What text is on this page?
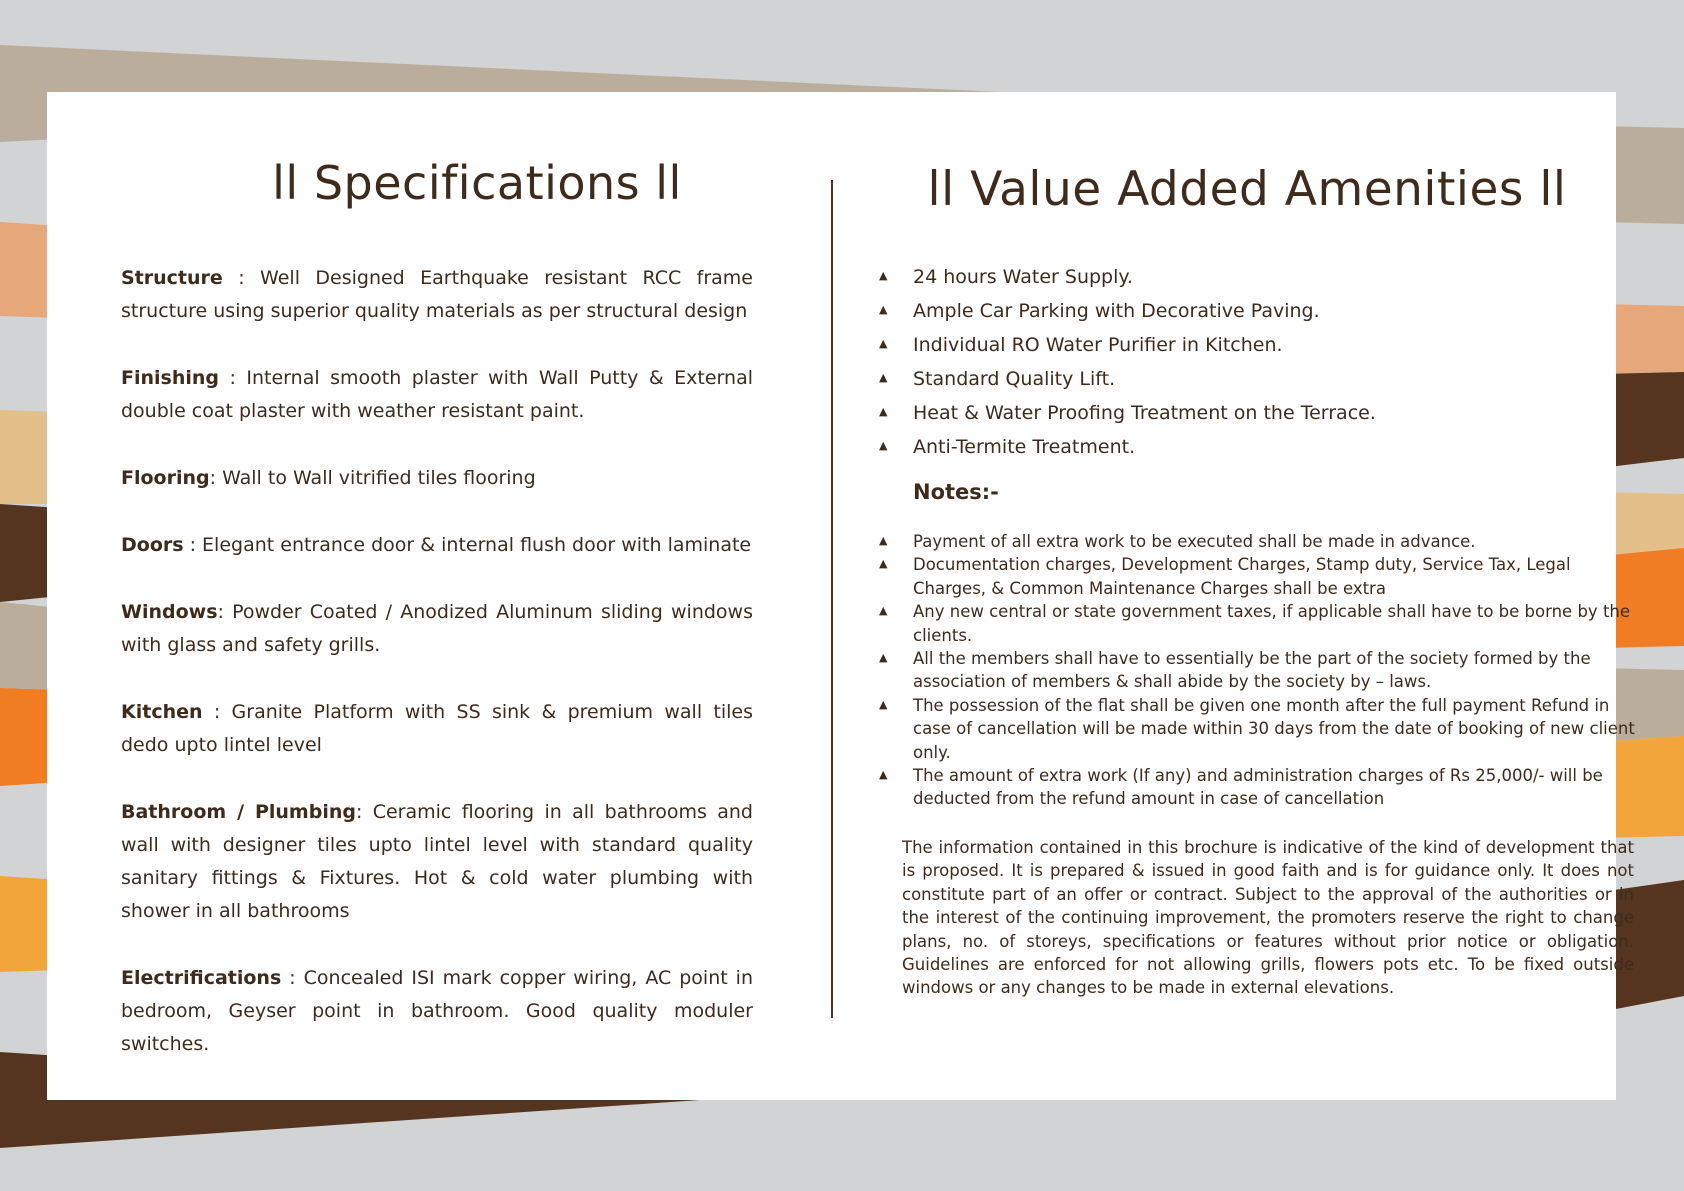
ll Specifications ll

Structure : Well Designed Earthquake resistant RCC frame structure using superior quality materials as per structural design

Finishing : Internal smooth plaster with Wall Putty & External double coat plaster with weather resistant paint.

Flooring: Wall to Wall vitrified tiles flooring

Doors : Elegant entrance door & internal flush door with laminate

Windows: Powder Coated / Anodized Aluminum sliding windows with glass and safety grills.

Kitchen : Granite Platform with SS sink & premium wall tiles dedo upto lintel level

Bathroom / Plumbing: Ceramic flooring in all bathrooms and wall with designer tiles upto lintel level with standard quality sanitary fittings & Fixtures. Hot & cold water plumbing with shower in all bathrooms

Electrifications : Concealed ISI mark copper wiring, AC point in bedroom, Geyser point in bathroom. Good quality moduler switches.

ll Value Added Amenities ll
▲ 24 hours Water Supply.
▲ Ample Car Parking with Decorative Paving.
▲ Individual RO Water Purifier in Kitchen.
▲ Standard Quality Lift.
▲ Heat & Water Proofing Treatment on the Terrace.
▲ Anti-Termite Treatment.
Notes:-
▲ Payment of all extra work to be executed shall be made in advance.
▲ Documentation charges, Development Charges, Stamp duty, Service Tax, Legal Charges, & Common Maintenance Charges shall be extra
▲ Any new central or state government taxes, if applicable shall have to be borne by the clients.
▲ All the members shall have to essentially be the part of the society formed by the association of members & shall abide by the society by – laws.
▲ The possession of the flat shall be given one month after the full payment Refund in case of cancellation will be made within 30 days from the date of booking of new client only.
▲ The amount of extra work (If any) and administration charges of Rs 25,000/- will be deducted from the refund amount in case of cancellation

The information contained in this brochure is indicative of the kind of development that is proposed. It is prepared & issued in good faith and is for guidance only. It does not constitute part of an offer or contract. Subject to the approval of the authorities or in the interest of the continuing improvement, the promoters reserve the right to change plans, no. of storeys, specifications or features without prior notice or obligation. Guidelines are enforced for not allowing grills, flowers pots etc. To be fixed outside windows or any changes to be made in external elevations.
